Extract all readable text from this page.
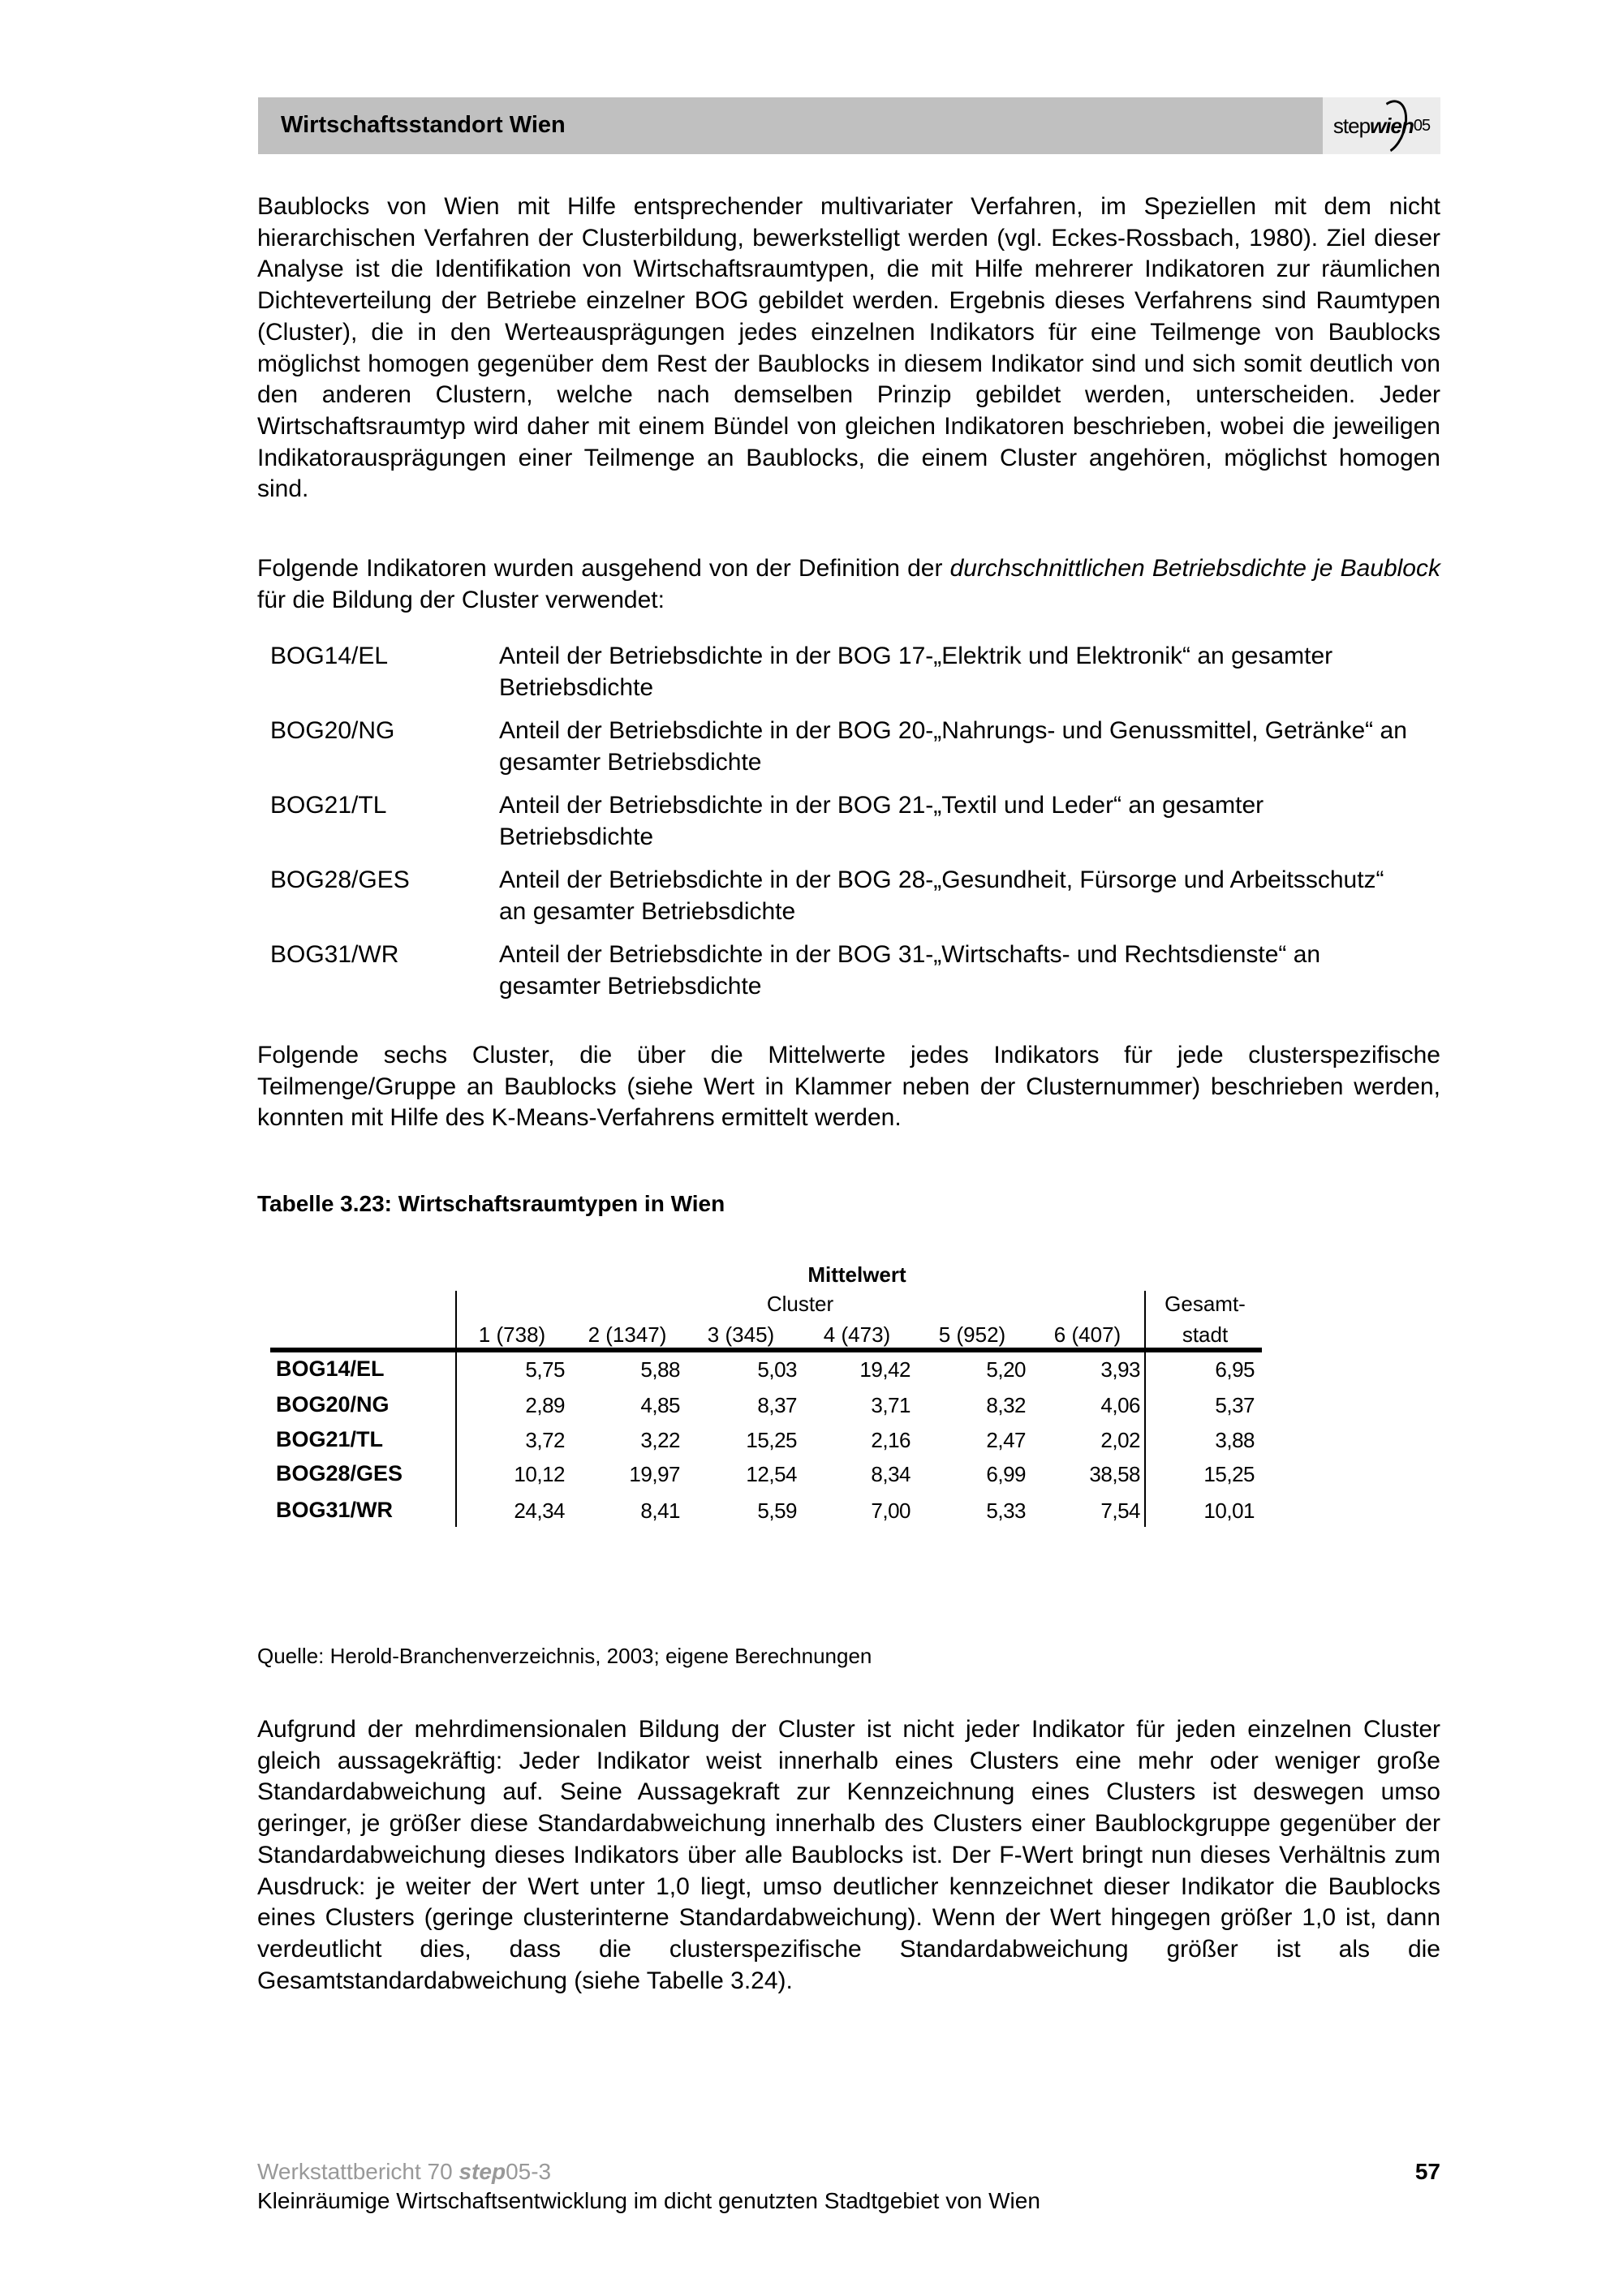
Wirtschaftsstandort Wien	step wien 05
Baublocks von Wien mit Hilfe entsprechender multivariater Verfahren, im Speziellen mit dem nicht hierarchischen Verfahren der Clusterbildung, bewerkstelligt werden (vgl. Eckes-Rossbach, 1980). Ziel dieser Analyse ist die Identifikation von Wirtschaftsraumtypen, die mit Hilfe mehrerer Indikatoren zur räumlichen Dichteverteilung der Betriebe einzelner BOG gebildet werden. Ergebnis dieses Verfahrens sind Raumtypen (Cluster), die in den Werteausprägungen jedes einzelnen Indikators für eine Teilmenge von Baublocks möglichst homogen gegenüber dem Rest der Baublocks in diesem Indikator sind und sich somit deutlich von den anderen Clustern, welche nach demselben Prinzip gebildet werden, unterscheiden. Jeder Wirtschaftsraumtyp wird daher mit einem Bündel von gleichen Indikatoren beschrieben, wobei die jeweiligen Indikatorausprägungen einer Teilmenge an Baublocks, die einem Cluster angehören, möglichst homogen sind.
Folgende Indikatoren wurden ausgehend von der Definition der durchschnittlichen Betriebsdichte je Baublock für die Bildung der Cluster verwendet:
BOG14/EL	Anteil der Betriebsdichte in der BOG 17-„Elektrik und Elektronik“ an gesamter Betriebsdichte
BOG20/NG	Anteil der Betriebsdichte in der BOG 20-„Nahrungs- und Genussmittel, Getränke“ an gesamter Betriebsdichte
BOG21/TL	Anteil der Betriebsdichte in der BOG 21-„Textil und Leder“ an gesamter Betriebsdichte
BOG28/GES	Anteil der Betriebsdichte in der BOG 28-„Gesundheit, Fürsorge und Arbeitsschutz“ an gesamter Betriebsdichte
BOG31/WR	Anteil der Betriebsdichte in der BOG 31-„Wirtschafts- und Rechtsdienste“ an gesamter Betriebsdichte
Folgende sechs Cluster, die über die Mittelwerte jedes Indikators für jede clusterspezifische Teilmenge/Gruppe an Baublocks (siehe Wert in Klammer neben der Clusternummer) beschrieben werden, konnten mit Hilfe des K-Means-Verfahrens ermittelt werden.
Tabelle 3.23: Wirtschaftsraumtypen in Wien
Mittelwert
Cluster	Gesamt-
stadt
1 (738) 2 (1347) 3 (345) 4 (473) 5 (952) 6 (407)
BOG14/EL	5,75	5,88	5,03	19,42	5,20	3,93	6,95
BOG20/NG	2,89	4,85	8,37	3,71	8,32	4,06	5,37
BOG21/TL	3,72	3,22	15,25	2,16	2,47	2,02	3,88
BOG28/GES	10,12	19,97	12,54	8,34	6,99	38,58	15,25
BOG31/WR	24,34	8,41	5,59	7,00	5,33	7,54	10,01
Quelle: Herold-Branchenverzeichnis, 2003; eigene Berechnungen
Aufgrund der mehrdimensionalen Bildung der Cluster ist nicht jeder Indikator für jeden einzelnen Cluster gleich aussagekräftig: Jeder Indikator weist innerhalb eines Clusters eine mehr oder weniger große Standardabweichung auf. Seine Aussagekraft zur Kennzeichnung eines Clusters ist deswegen umso geringer, je größer diese Standardabweichung innerhalb des Clusters einer Baublockgruppe gegenüber der Standardabweichung dieses Indikators über alle Baublocks ist. Der F-Wert bringt nun dieses Verhältnis zum Ausdruck: je weiter der Wert unter 1,0 liegt, umso deutlicher kennzeichnet dieser Indikator die Baublocks eines Clusters (geringe clusterinterne Standardabweichung). Wenn der Wert hingegen größer 1,0 ist, dann verdeutlicht dies, dass die clusterspezifische Standardabweichung größer ist als die Gesamtstandardabweichung (siehe Tabelle 3.24).
Werkstattbericht 70 step05-3
Kleinräumige Wirtschaftsentwicklung im dicht genutzten Stadtgebiet von Wien
57
